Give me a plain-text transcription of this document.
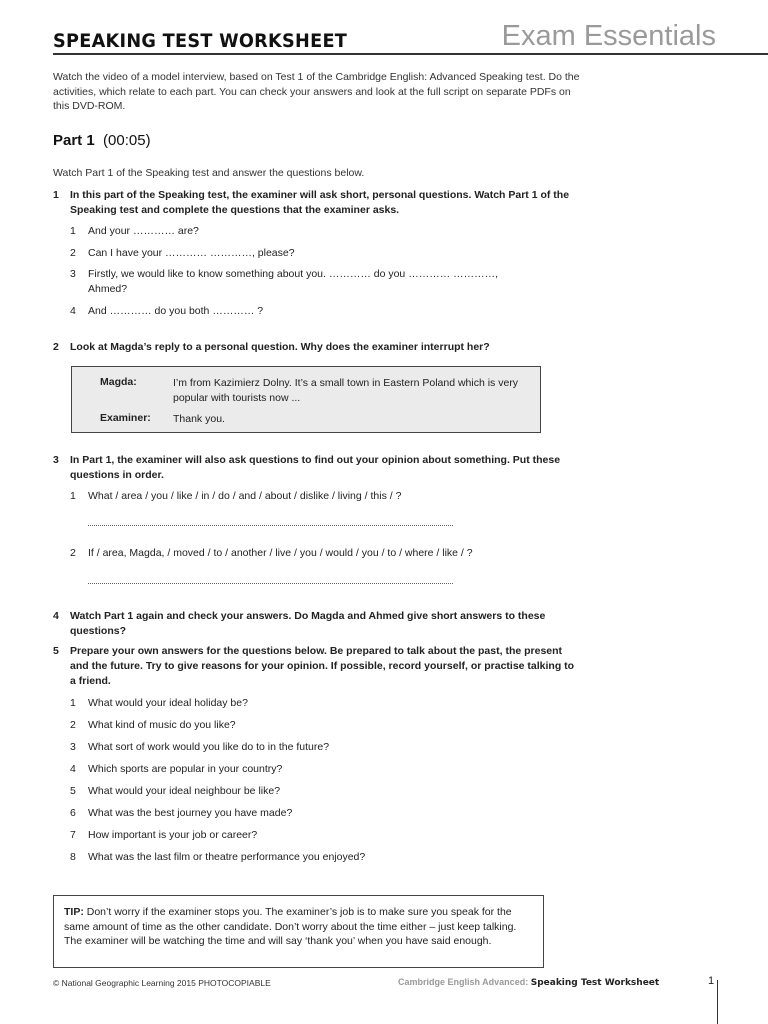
SPEAKING TEST WORKSHEET	Exam Essentials
Watch the video of a model interview, based on Test 1 of the Cambridge English: Advanced Speaking test. Do the activities, which relate to each part. You can check your answers and look at the full script on separate PDFs on this DVD-ROM.
Part 1 (00:05)
Watch Part 1 of the Speaking test and answer the questions below.
1	In this part of the Speaking test, the examiner will ask short, personal questions. Watch Part 1 of the Speaking test and complete the questions that the examiner asks.
1	And your ………… are?
2	Can I have your ………… …………, please?
3	Firstly, we would like to know something about you. ………… do you ………… …………, Ahmed?
4	And ………… do you both ………… ?
2	Look at Magda’s reply to a personal question. Why does the examiner interrupt her?
Magda:	I’m from Kazimierz Dolny. It’s a small town in Eastern Poland which is very popular with tourists now ...
Examiner: Thank you.
3	In Part 1, the examiner will also ask questions to find out your opinion about something. Put these questions in order.
1	What / area / you / like / in / do / and / about / dislike / living / this / ?
2	If / area, Magda, / moved / to / another / live / you / would / you / to / where / like / ?
4	Watch Part 1 again and check your answers. Do Magda and Ahmed give short answers to these questions?
5	Prepare your own answers for the questions below. Be prepared to talk about the past, the present and the future. Try to give reasons for your opinion. If possible, record yourself, or practise talking to a friend.
1	What would your ideal holiday be?
2	What kind of music do you like?
3	What sort of work would you like do to in the future?
4	Which sports are popular in your country?
5	What would your ideal neighbour be like?
6	What was the best journey you have made?
7	How important is your job or career?
8	What was the last film or theatre performance you enjoyed?
TIP: Don’t worry if the examiner stops you. The examiner’s job is to make sure you speak for the same amount of time as the other candidate. Don’t worry about the time either – just keep talking. The examiner will be watching the time and will say ‘thank you’ when you have said enough.
© National Geographic Learning 2015 PHOTOCOPIABLE	Cambridge English Advanced: Speaking Test Worksheet	1
